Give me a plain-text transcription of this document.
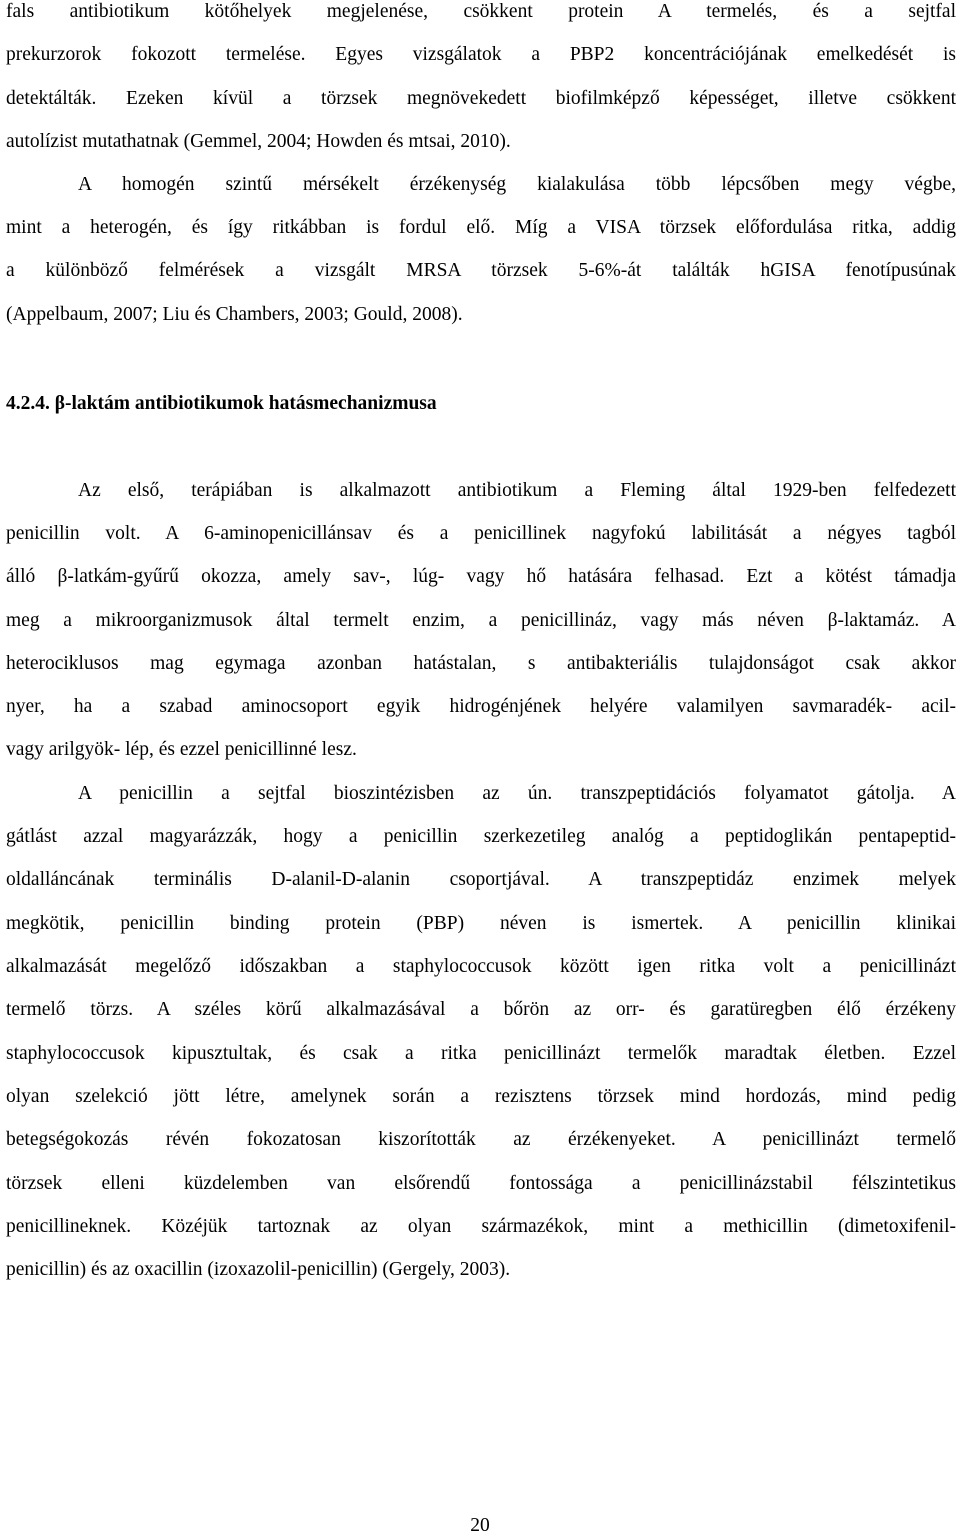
fals antibiotikum kötőhelyek megjelenése, csökkent protein A termelés, és a sejtfal
prekurzorok fokozott termelése. Egyes vizsgálatok a PBP2 koncentrációjának emelkedését is
detektálták. Ezeken kívül a törzsek megnövekedett biofilmképző képességet, illetve csökkent
autolízist mutathatnak (Gemmel, 2004; Howden és mtsai, 2010).
A homogén szintű mérsékelt érzékenység kialakulása több lépcsőben megy végbe,
mint a heterogén, és így ritkábban is fordul elő. Míg a VISA törzsek előfordulása ritka, addig
a különböző felmérések a vizsgált MRSA törzsek 5-6%-át találták hGISA fenotípusúnak
(Appelbaum, 2007; Liu és Chambers, 2003; Gould, 2008).
4.2.4. β-laktám antibiotikumok hatásmechanizmusa
Az első, terápiában is alkalmazott antibiotikum a Fleming által 1929-ben felfedezett
penicillin volt. A 6-aminopenicillánsav és a penicillinek nagyfokú labilitását a négyes tagból
álló β-latkám-gyűrű okozza, amely sav-, lúg- vagy hő hatására felhasad. Ezt a kötést támadja
meg a mikroorganizmusok által termelt enzim, a penicillináz, vagy más néven β-laktamáz. A
heterociklusos mag egymaga azonban hatástalan, s antibakteriális tulajdonságot csak akkor
nyer, ha a szabad aminocsoport egyik hidrogénjének helyére valamilyen savmaradék- acil-
vagy arilgyök- lép, és ezzel penicillinné lesz.
A penicillin a sejtfal bioszintézisben az ún. transzpeptidációs folyamatot gátolja. A
gátlást azzal magyarázzák, hogy a penicillin szerkezetileg analóg a peptidoglikán pentapeptid-
oldalláncának terminális D-alanil-D-alanin csoportjával. A transzpeptidáz enzimek melyek
megkötik, penicillin binding protein (PBP) néven is ismertek. A penicillin klinikai
alkalmazását megelőző időszakban a staphylococcusok között igen ritka volt a penicillinázt
termelő törzs. A széles körű alkalmazásával a bőrön az orr- és garatüregben élő érzékeny
staphylococcusok kipusztultak, és csak a ritka penicillinázt termelők maradtak életben. Ezzel
olyan szelekció jött létre, amelynek során a rezisztens törzsek mind hordozás, mind pedig
betegségokozás révén fokozatosan kiszorították az érzékenyeket. A penicillinázt termelő
törzsek elleni küzdelemben van elsőrendű fontossága a penicillinázstabil félszintetikus
penicillineknek. Közéjük tartoznak az olyan származékok, mint a methicillin (dimetoxifenil-
penicillin) és az oxacillin (izoxazolil-penicillin) (Gergely, 2003).
20
